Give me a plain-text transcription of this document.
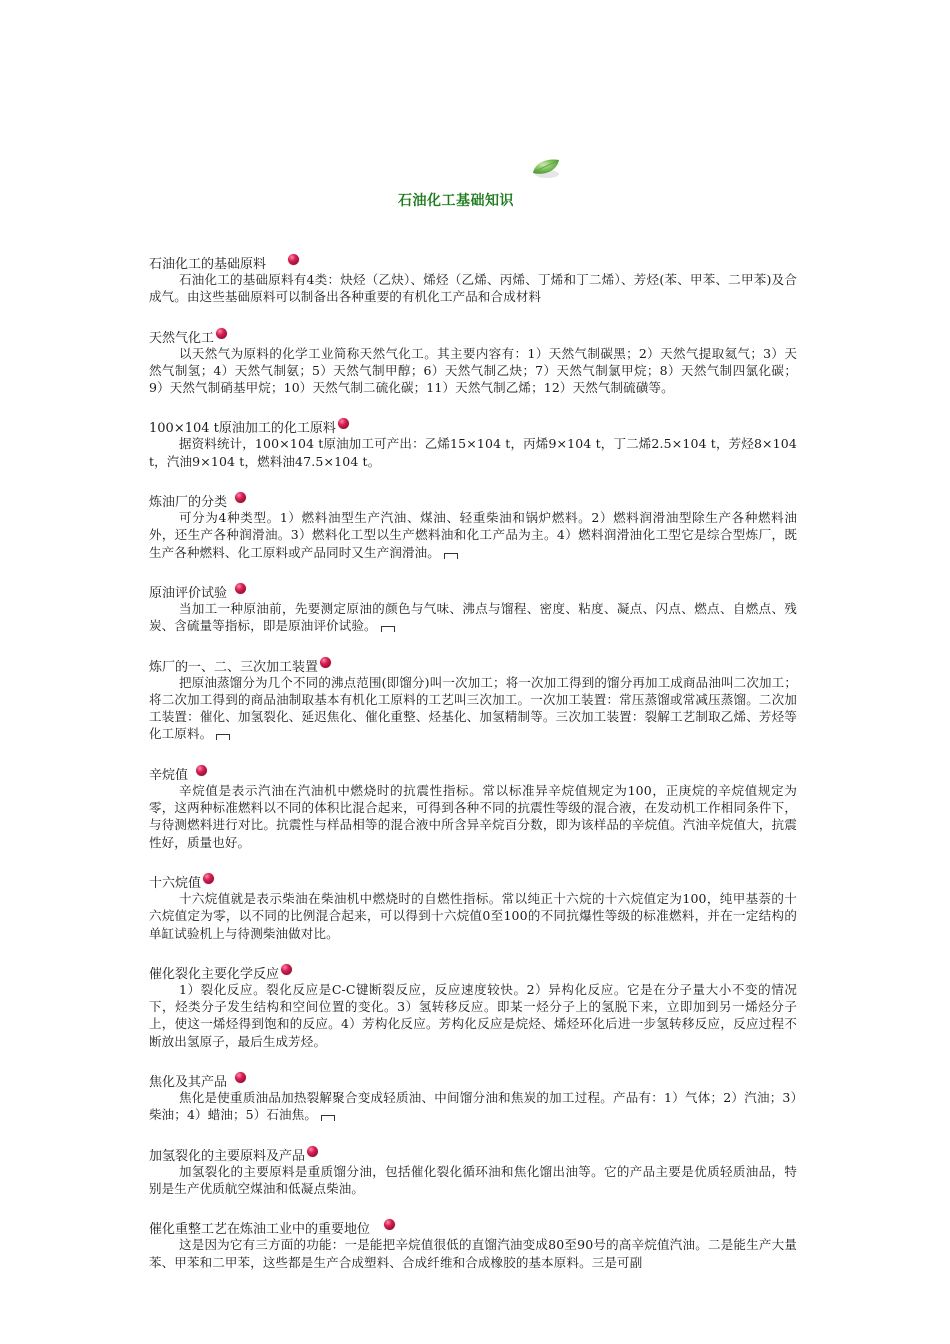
石油化工基础知识
石油化工的基础原料
石油化工的基础原料有4类：炔烃（乙炔）、烯烃（乙烯、丙烯、丁烯和丁二烯）、芳烃(苯、甲苯、二甲苯)及合成气。由这些基础原料可以制备出各种重要的有机化工产品和合成材料
天然气化工
以天然气为原料的化学工业简称天然气化工。其主要内容有：1）天然气制碳黑；2）天然气提取氦气；3）天然气制氢；4）天然气制氨；5）天然气制甲醇；6）天然气制乙炔；7）天然气制氯甲烷；8）天然气制四氯化碳；9）天然气制硝基甲烷；10）天然气制二硫化碳；11）天然气制乙烯；12）天然气制硫磺等。
100×104 t原油加工的化工原料
据资料统计，100×104 t原油加工可产出：乙烯15×104 t，丙烯9×104 t，丁二烯2.5×104 t，芳烃8×104 t，汽油9×104 t，燃料油47.5×104 t。
炼油厂的分类
可分为4种类型。1）燃料油型生产汽油、煤油、轻重柴油和锅炉燃料。2）燃料润滑油型除生产各种燃料油外，还生产各种润滑油。3）燃料化工型以生产燃料油和化工产品为主。4）燃料润滑油化工型它是综合型炼厂，既生产各种燃料、化工原料或产品同时又生产润滑油。
原油评价试验
当加工一种原油前，先要测定原油的颜色与气味、沸点与馏程、密度、粘度、凝点、闪点、燃点、自燃点、残炭、含硫量等指标，即是原油评价试验。
炼厂的一、二、三次加工装置
把原油蒸馏分为几个不同的沸点范围(即馏分)叫一次加工；将一次加工得到的馏分再加工成商品油叫二次加工；将二次加工得到的商品油制取基本有机化工原料的工艺叫三次加工。一次加工装置：常压蒸馏或常减压蒸馏。二次加工装置：催化、加氢裂化、延迟焦化、催化重整、烃基化、加氢精制等。三次加工装置：裂解工艺制取乙烯、芳烃等化工原料。
辛烷值
辛烷值是表示汽油在汽油机中燃烧时的抗震性指标。常以标准异辛烷值规定为100，正庚烷的辛烷值规定为零，这两种标准燃料以不同的体积比混合起来，可得到各种不同的抗震性等级的混合液，在发动机工作相同条件下，与待测燃料进行对比。抗震性与样品相等的混合液中所含异辛烷百分数，即为该样品的辛烷值。汽油辛烷值大，抗震性好，质量也好。
十六烷值
十六烷值就是表示柴油在柴油机中燃烧时的自燃性指标。常以纯正十六烷的十六烷值定为100，纯甲基萘的十六烷值定为零，以不同的比例混合起来，可以得到十六烷值0至100的不同抗爆性等级的标准燃料，并在一定结构的单缸试验机上与待测柴油做对比。
催化裂化主要化学反应
1）裂化反应。裂化反应是C-C键断裂反应，反应速度较快。2）异构化反应。它是在分子量大小不变的情况下，烃类分子发生结构和空间位置的变化。3）氢转移反应。即某一烃分子上的氢脱下来，立即加到另一烯烃分子上，使这一烯烃得到饱和的反应。4）芳构化反应。芳构化反应是烷烃、烯烃环化后进一步氢转移反应，反应过程不断放出氢原子，最后生成芳烃。
焦化及其产品
焦化是使重质油品加热裂解聚合变成轻质油、中间馏分油和焦炭的加工过程。产品有：1）气体；2）汽油；3）柴油；4）蜡油；5）石油焦。
加氢裂化的主要原料及产品
加氢裂化的主要原料是重质馏分油，包括催化裂化循环油和焦化馏出油等。它的产品主要是优质轻质油品，特别是生产优质航空煤油和低凝点柴油。
催化重整工艺在炼油工业中的重要地位
这是因为它有三方面的功能：一是能把辛烷值很低的直馏汽油变成80至90号的高辛烷值汽油。二是能生产大量苯、甲苯和二甲苯，这些都是生产合成塑料、合成纤维和合成橡胶的基本原料。三是可副
